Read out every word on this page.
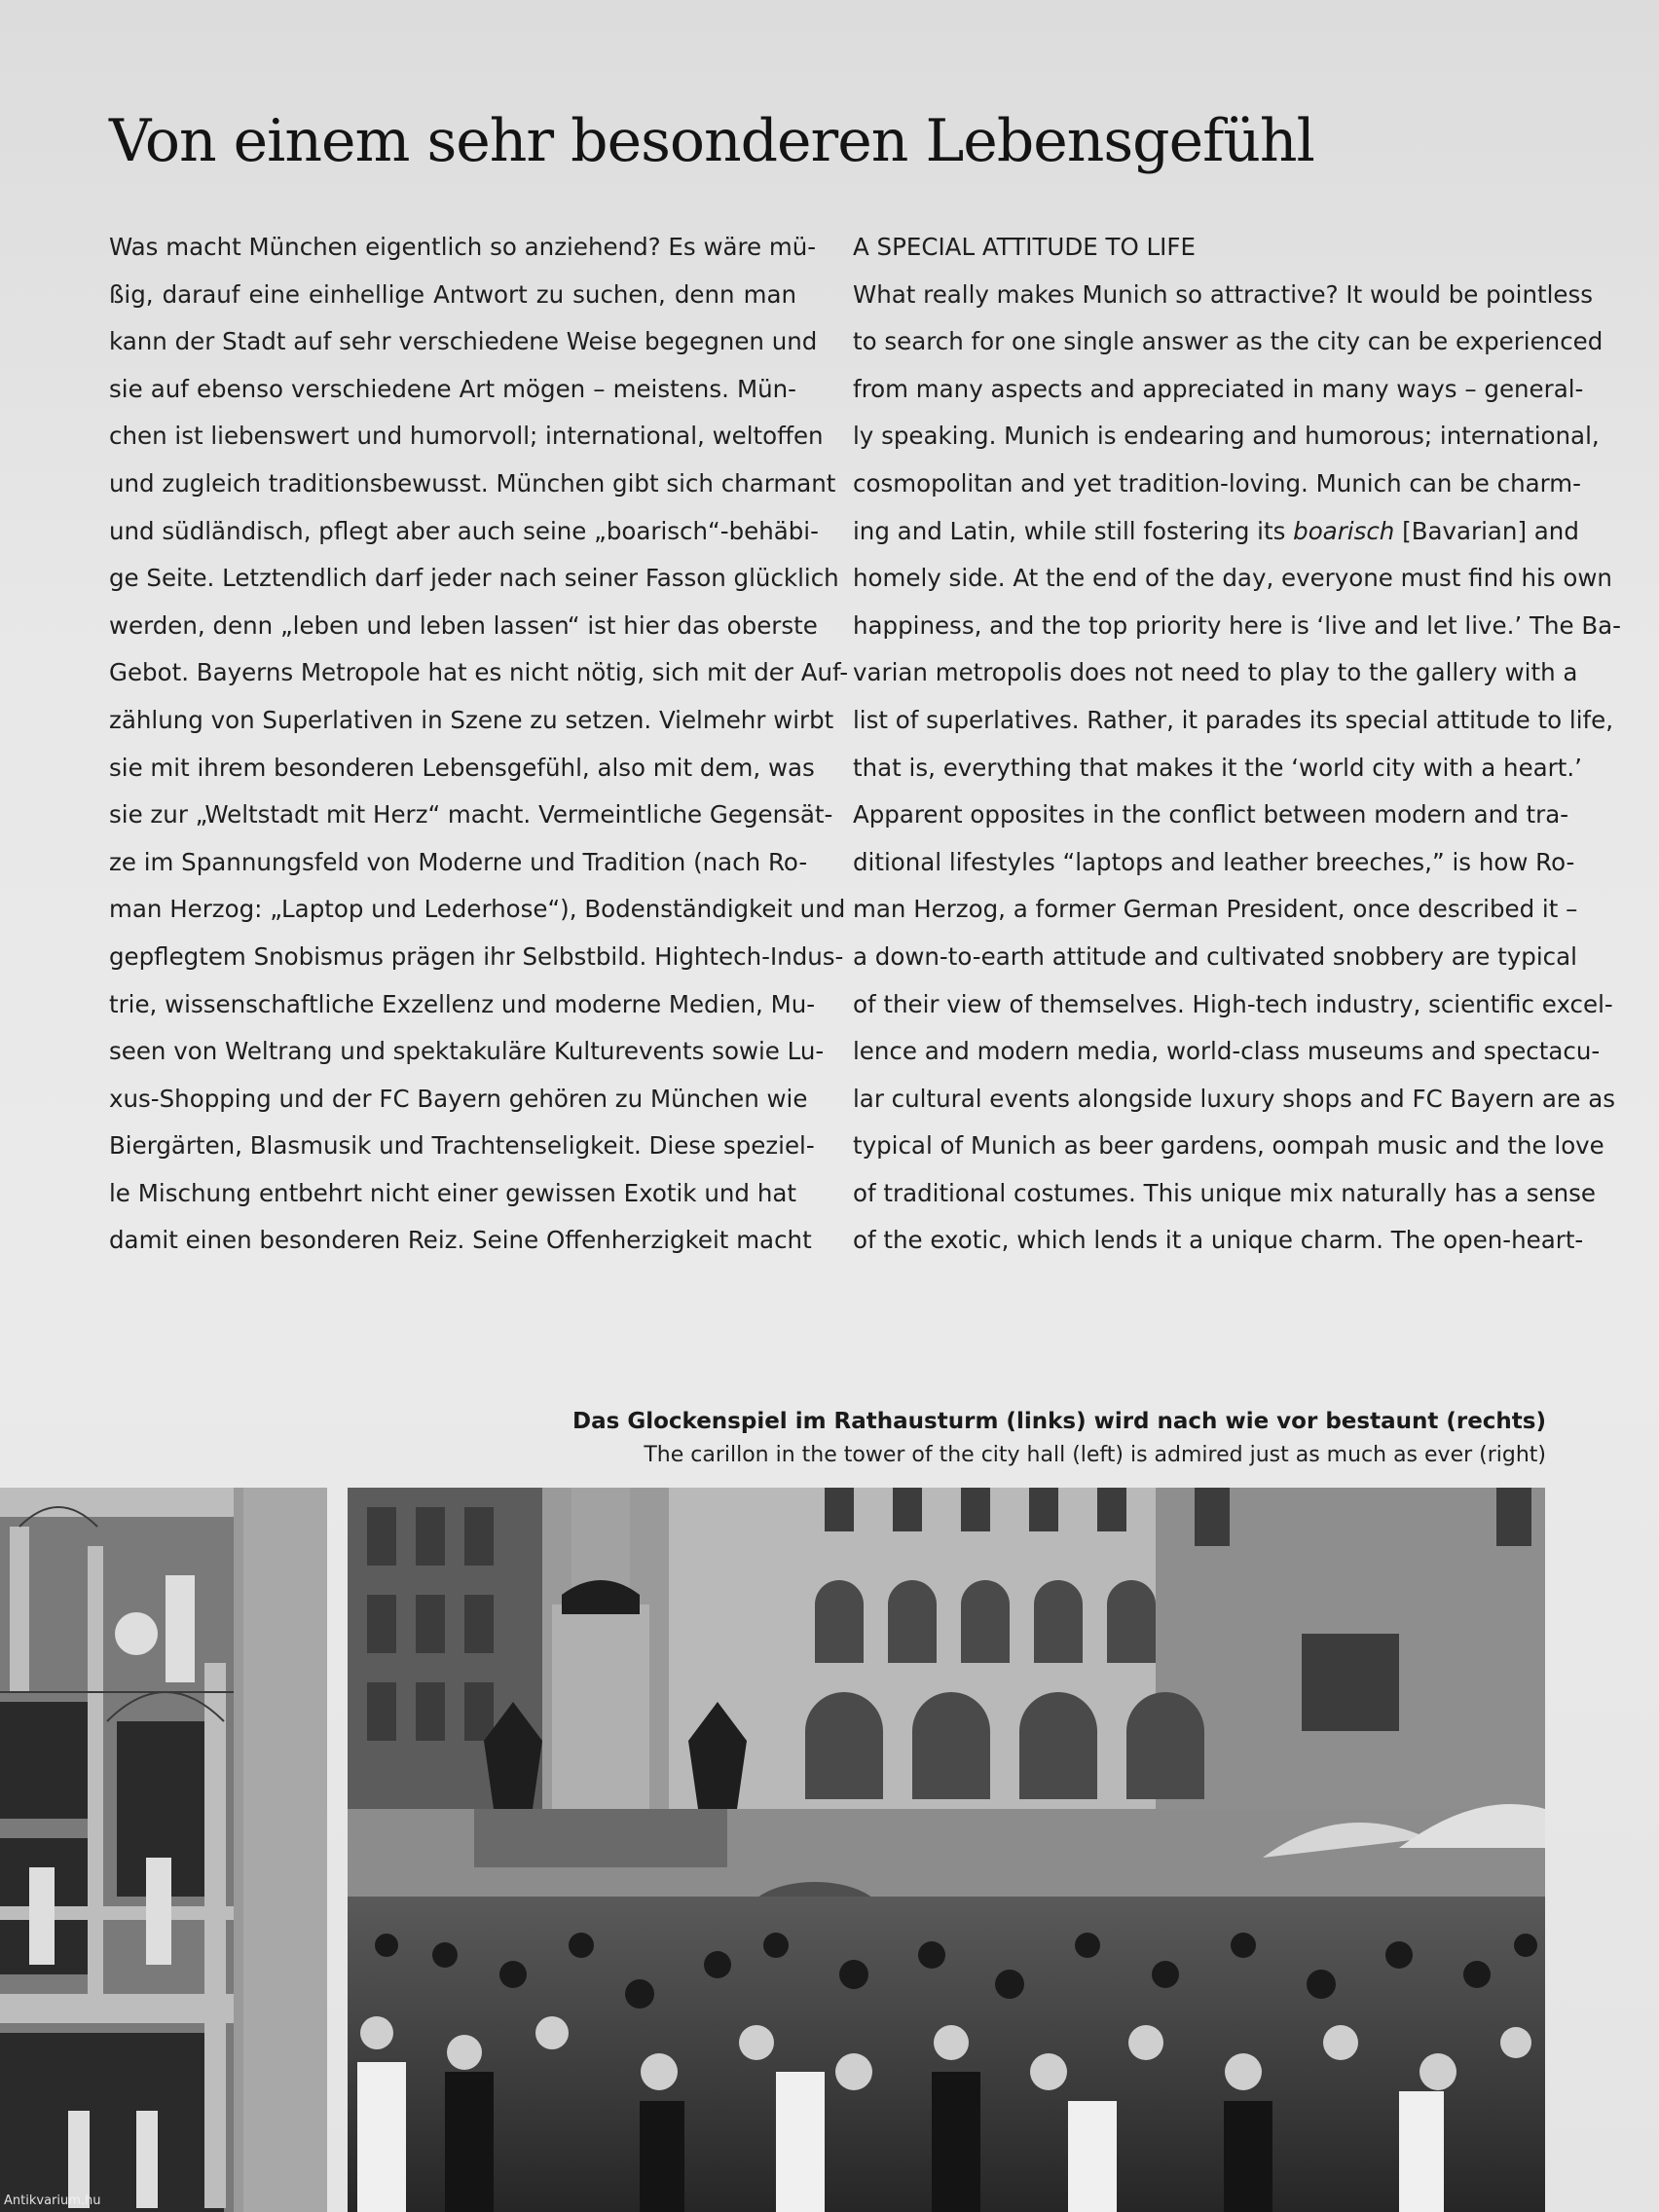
Von einem sehr besonderen Lebensgefühl
Was macht München eigentlich so anziehend? Es wäre mü-
ßig, darauf eine einhellige Antwort zu suchen, denn man
kann der Stadt auf sehr verschiedene Weise begegnen und
sie auf ebenso verschiedene Art mögen – meistens. Mün-
chen ist liebenswert und humorvoll; international, weltoffen
und zugleich traditionsbewusst. München gibt sich charmant
und südländisch, pflegt aber auch seine „boarisch“-behäbi-
ge Seite. Letztendlich darf jeder nach seiner Fasson glücklich
werden, denn „leben und leben lassen“ ist hier das oberste
Gebot. Bayerns Metropole hat es nicht nötig, sich mit der Auf-
zählung von Superlativen in Szene zu setzen. Vielmehr wirbt
sie mit ihrem besonderen Lebensgefühl, also mit dem, was
sie zur „Weltstadt mit Herz“ macht. Vermeintliche Gegensät-
ze im Spannungsfeld von Moderne und Tradition (nach Ro-
man Herzog: „Laptop und Lederhose“), Bodenständigkeit und
gepflegtem Snobismus prägen ihr Selbstbild. Hightech-Indus-
trie, wissenschaftliche Exzellenz und moderne Medien, Mu-
seen von Weltrang und spektakuläre Kulturevents sowie Lu-
xus-Shopping und der FC Bayern gehören zu München wie
Biergärten, Blasmusik und Trachtenseligkeit. Diese speziel-
le Mischung entbehrt nicht einer gewissen Exotik und hat
damit einen besonderen Reiz. Seine Offenherzigkeit macht
A SPECIAL ATTITUDE TO LIFE
What really makes Munich so attractive? It would be pointless
to search for one single answer as the city can be experienced
from many aspects and appreciated in many ways – general-
ly speaking. Munich is endearing and humorous; international,
cosmopolitan and yet tradition-loving. Munich can be charm-
ing and Latin, while still fostering its boarisch [Bavarian] and
homely side. At the end of the day, everyone must find his own
happiness, and the top priority here is ‘live and let live.’ The Ba-
varian metropolis does not need to play to the gallery with a
list of superlatives. Rather, it parades its special attitude to life,
that is, everything that makes it the ‘world city with a heart.’
Apparent opposites in the conflict between modern and tra-
ditional lifestyles “laptops and leather breeches,” is how Ro-
man Herzog, a former German President, once described it –
a down-to-earth attitude and cultivated snobbery are typical
of their view of themselves. High-tech industry, scientific excel-
lence and modern media, world-class museums and spectacu-
lar cultural events alongside luxury shops and FC Bayern are as
typical of Munich as beer gardens, oompah music and the love
of traditional costumes. This unique mix naturally has a sense
of the exotic, which lends it a unique charm. The open-heart-
Das Glockenspiel im Rathausturm (links) wird nach wie vor bestaunt (rechts)
The carillon in the tower of the city hall (left) is admired just as much as ever (right)
Antikvarium.hu
